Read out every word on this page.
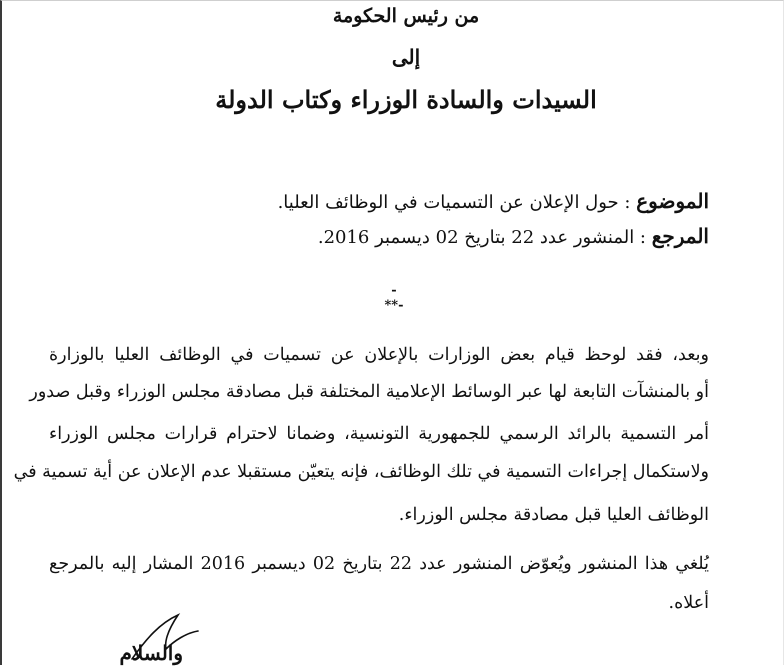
من رئيس الحكومة
إلى
السيدات والسادة الوزراء وكتاب الدولة
الموضوع : حول الإعلان عن التسميات في الوظائف العليا.
المرجع : المنشور عدد 22 بتاريخ 02 ديسمبر 2016.
-**-
وبعد، فقد لوحظ قيام بعض الوزارات بالإعلان عن تسميات في الوظائف العليا بالوزارة
أو بالمنشآت التابعة لها عبر الوسائط الإعلامية المختلفة قبل مصادقة مجلس الوزراء وقبل صدور
أمر التسمية بالرائد الرسمي للجمهورية التونسية، وضمانا لاحترام قرارات مجلس الوزراء
ولاستكمال إجراءات التسمية في تلك الوظائف، فإنه يتعيّن مستقبلا عدم الإعلان عن أية تسمية في
الوظائف العليا قبل مصادقة مجلس الوزراء.
يُلغي هذا المنشور ويُعوّض المنشور عدد 22 بتاريخ 02 ديسمبر 2016 المشار إليه بالمرجع
أعلاه.
والسلام
